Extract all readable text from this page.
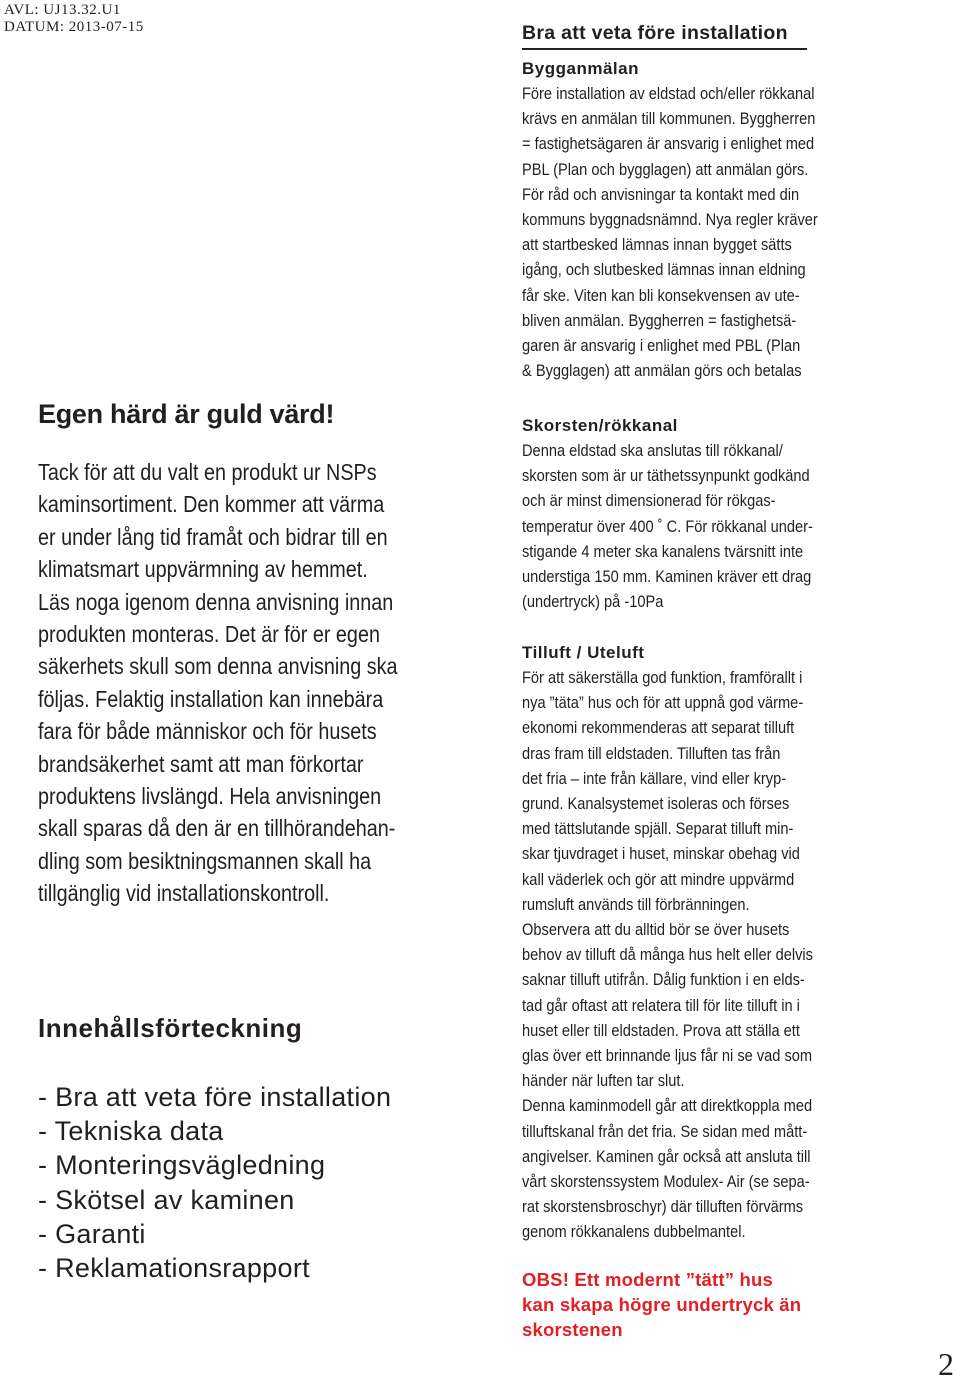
AVL: UJ13.32.U1
DATUM: 2013-07-15
Egen härd är guld värd!
Tack för att du valt en produkt ur NSPs
kaminsortiment. Den kommer att värma
er under lång tid framåt och bidrar till en
klimatsmart uppvärmning av hemmet.
Läs noga igenom denna anvisning innan
produkten monteras. Det är för er egen
säkerhets skull som denna anvisning ska
följas. Felaktig installation kan innebära
fara för både människor och för husets
brandsäkerhet samt att man förkortar
produktens livslängd. Hela anvisningen
skall sparas då den är en tillhörandehan-
dling som besiktningsmannen skall ha
tillgänglig vid installationskontroll.
Innehållsförteckning
- Bra att veta före installation
- Tekniska data
- Monteringsvägledning
- Skötsel av kaminen
- Garanti
- Reklamationsrapport
Bra att veta före installation
Bygganmälan
Före installation av eldstad och/eller rökkanal
krävs en anmälan till kommunen. Byggherren
= fastighetsägaren är ansvarig i enlighet med
PBL (Plan och bygglagen) att anmälan görs.
För råd och anvisningar ta kontakt med din
kommuns byggnadsnämnd. Nya regler kräver
att startbesked lämnas innan bygget sätts
igång, och slutbesked lämnas innan eldning
får ske. Viten kan bli konsekvensen av ute-
bliven anmälan. Byggherren = fastighetsä-
garen är ansvarig i enlighet med PBL (Plan
& Bygglagen) att anmälan görs och betalas
Skorsten/rökkanal
Denna eldstad ska anslutas till rökkanal/
skorsten som är ur täthetssynpunkt godkänd
och är minst dimensionerad för rökgas-
temperatur över 400 ˚ C. För rökkanal under-
stigande 4 meter ska kanalens tvärsnitt inte
understiga 150 mm. Kaminen kräver ett drag
(undertryck) på -10Pa
Tilluft / Uteluft
För att säkerställa god funktion, framförallt i
nya ”täta” hus och för att uppnå god värme-
ekonomi rekommenderas att separat tilluft
dras fram till eldstaden. Tilluften tas från
det fria – inte från källare, vind eller kryp-
grund. Kanalsystemet isoleras och förses
med tättslutande spjäll. Separat tilluft min-
skar tjuvdraget i huset, minskar obehag vid
kall väderlek och gör att mindre uppvärmd
rumsluft används till förbränningen.
Observera att du alltid bör se över husets
behov av tilluft då många hus helt eller delvis
saknar tilluft utifrån. Dålig funktion i en elds-
tad går oftast att relatera till för lite tilluft in i
huset eller till eldstaden. Prova att ställa ett
glas över ett brinnande ljus får ni se vad som
händer när luften tar slut.
Denna kaminmodell går att direktkoppla med
tilluftskanal från det fria. Se sidan med mått-
angivelser. Kaminen går också att ansluta till
vårt skorstenssystem Modulex- Air (se sepa-
rat skorstensbroschyr) där tilluften förvärms
genom rökkanalens dubbelmantel.
OBS! Ett modernt ”tätt” hus
kan skapa högre undertryck än
skorstenen
2
